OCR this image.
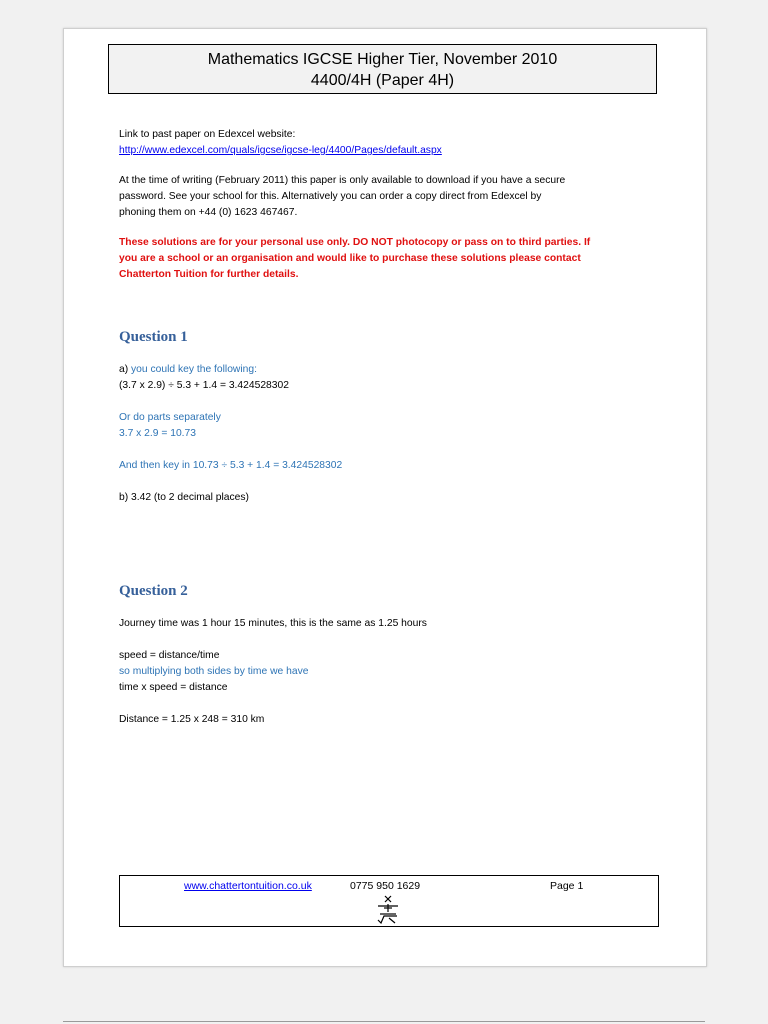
Mathematics IGCSE Higher Tier, November 2010
4400/4H (Paper 4H)

Link to past paper on Edexcel website:

http://www.edexcel.com/quals/igcse/igcse-leg/4400/Pages/default.aspx

At the time of writing (February 2011) this paper is only available to download if you have a secure

password. See your school for this. Alternatively you can order a copy direct from Edexcel by

phoning them on +44 (0) 1623 467467.

These solutions are for your personal use only. DO NOT photocopy or pass on to third parties. If

you are a school or an organisation and would like to purchase these solutions please contact

Chatterton Tuition for further details.

Question 1

a) you could key the following:

(3.7 x 2.9) ÷ 5.3 + 1.4 = 3.424528302

Or do parts separately

3.7 x 2.9 = 10.73

And then key in 10.73 ÷ 5.3 + 1.4 = 3.424528302

b) 3.42 (to 2 decimal places)

Question 2

Journey time was 1 hour 15 minutes, this is the same as 1.25 hours

speed = distance/time

so multiplying both sides by time we have

time x speed = distance

Distance = 1.25 x 248 = 310 km

www.chattertontuition.co.uk	0775 950 1629	Page 1
